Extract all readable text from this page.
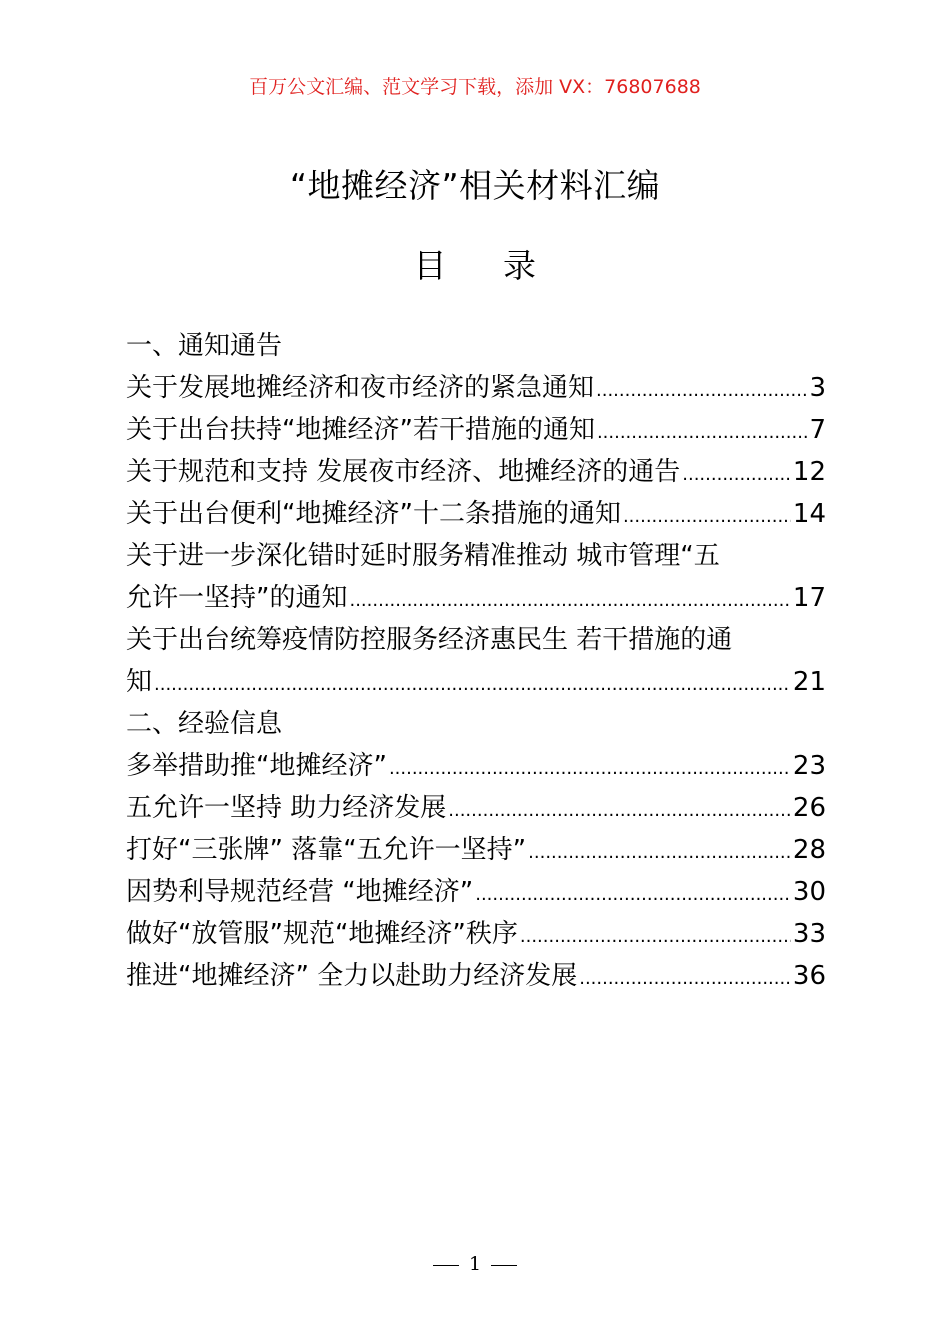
百万公文汇编、范文学习下载，添加 VX：76807688
“地摊经济”相关材料汇编
目 录
一、通知通告
关于发展地摊经济和夜市经济的紧急通知 .....	3
关于出台扶持“地摊经济”若干措施的通知 .....	7
关于规范和支持 发展夜市经济、地摊经济的通告 .....	12
关于出台便利“地摊经济”十二条措施的通知 .....	14
关于进一步深化错时延时服务精准推动 城市管理“五
允许一坚持”的通知 .....	17
关于出台统筹疫情防控服务经济惠民生 若干措施的通
知 .....	21
二、经验信息
多举措助推“地摊经济” .....	23
五允许一坚持 助力经济发展 .....	26
打好“三张牌” 落靠“五允许一坚持” .....	28
因势利导规范经营 “地摊经济” .....	30
做好“放管服”规范“地摊经济”秩序 .....	33
推进“地摊经济” 全力以赴助力经济发展 .....	36
1
